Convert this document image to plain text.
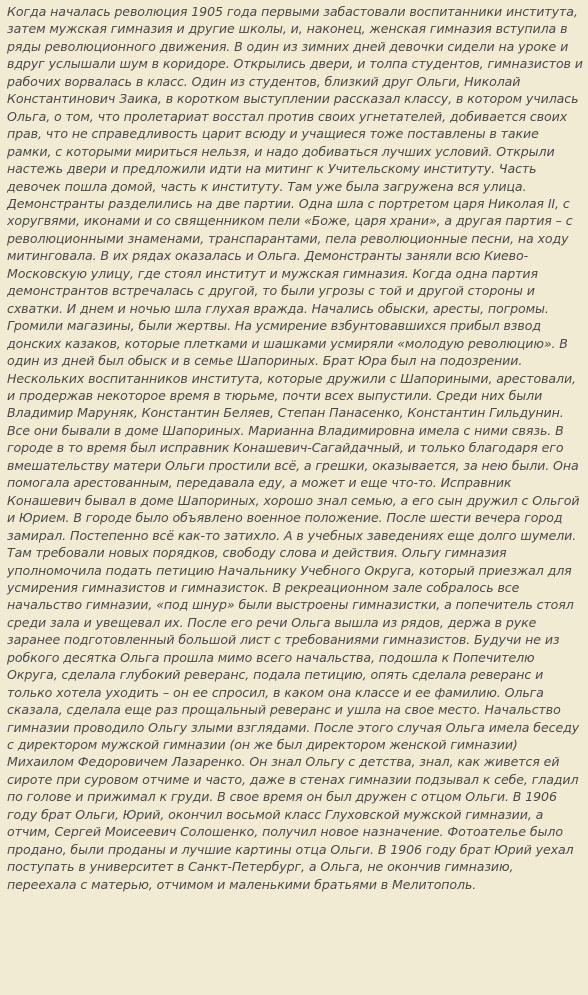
Когда началась революция 1905 года первыми забастовали воспитанники института, затем мужская гимназия и другие школы, и, наконец, женская гимназия вступила в ряды революционного движения. В один из зимних дней девочки сидели на уроке и вдруг услышали шум в коридоре. Открылись двери, и толпа студентов, гимназистов и рабочих ворвалась в класс. Один из студентов, близкий друг Ольги, Николай Константинович Заика, в коротком выступлении рассказал классу, в котором училась Ольга, о том, что пролетариат восстал против своих угнетателей, добивается своих прав, что не справедливость царит всюду и учащиеся тоже поставлены в такие рамки, с которыми мириться нельзя, и надо добиваться лучших условий. Открыли настежь двери и предложили идти на митинг к Учительскому институту. Часть девочек пошла домой, часть к институту. Там уже была загружена вся улица. Демонстранты разделились на две партии. Одна шла с портретом царя Николая II, с хоругвями, иконами и со священником пели «Боже, царя храни», а другая партия – с революционными знаменами, транспарантами, пела революционные песни, на ходу митинговала. В их рядах оказалась и Ольга. Демонстранты заняли всю Киево-Московскую улицу, где стоял институт и мужская гимназия. Когда одна партия демонстрантов встречалась с другой, то были угрозы с той и другой стороны и схватки. И днем и ночью шла глухая вражда. Начались обыски, аресты, погромы. Громили магазины, были жертвы. На усмирение взбунтовавшихся прибыл взвод донских казаков, которые плетками и шашками усмиряли «молодую революцию». В один из дней был обыск и в семье Шапориных. Брат Юра был на подозрении. Нескольких воспитанников института, которые дружили с Шапориными, арестовали, и продержав некоторое время в тюрьме, почти всех выпустили. Среди них были Владимир Маруняк, Константин Беляев, Степан Панасенко, Константин Гильдунин. Все они бывали в доме Шапориных. Марианна Владимировна имела с ними связь. В городе в то время был исправник Конашевич-Сагайдачный, и только благодаря его вмешательству матери Ольги простили всё, а грешки, оказывается, за нею были. Она помогала арестованным, передавала еду, а может и еще что-то. Исправник Конашевич бывал в доме Шапориных, хорошо знал семью, а его сын дружил с Ольгой и Юрием. В городе было объявлено военное положение. После шести вечера город замирал. Постепенно всё как-то затихло. А в учебных заведениях еще долго шумели. Там требовали новых порядков, свободу слова и действия. Ольгу гимназия уполномочила подать петицию Начальнику Учебного Округа, который приезжал для усмирения гимназистов и гимназисток. В рекреационном зале собралось все начальство гимназии, «под шнур» были выстроены гимназистки, а попечитель стоял среди зала и увещевал их. После его речи Ольга вышла из рядов, держа в руке заранее подготовленный большой лист с требованиями гимназистов. Будучи не из робкого десятка Ольга прошла мимо всего начальства, подошла к Попечителю Округа, сделала глубокий реверанс, подала петицию, опять сделала реверанс и только хотела уходить – он ее спросил, в каком она классе и ее фамилию. Ольга сказала, сделала еще раз прощальный реверанс и ушла на свое место. Начальство гимназии проводило Ольгу злыми взглядами. После этого случая Ольга имела беседу с директором мужской гимназии (он же был директором женской гимназии) Михаилом Федоровичем Лазаренко. Он знал Ольгу с детства, знал, как живется ей сироте при суровом отчиме и часто, даже в стенах гимназии подзывал к себе, гладил по голове и прижимал к груди. В свое время он был дружен с отцом Ольги. В 1906 году брат Ольги, Юрий, окончил восьмой класс Глуховской мужской гимназии, а отчим, Сергей Моисеевич Солошенко, получил новое назначение. Фотоателье было продано, были проданы и лучшие картины отца Ольги. В 1906 году брат Юрий уехал поступать в университет в Санкт-Петербург, а Ольга, не окончив гимназию, переехала с матерью, отчимом и маленькими братьями в Мелитополь.
